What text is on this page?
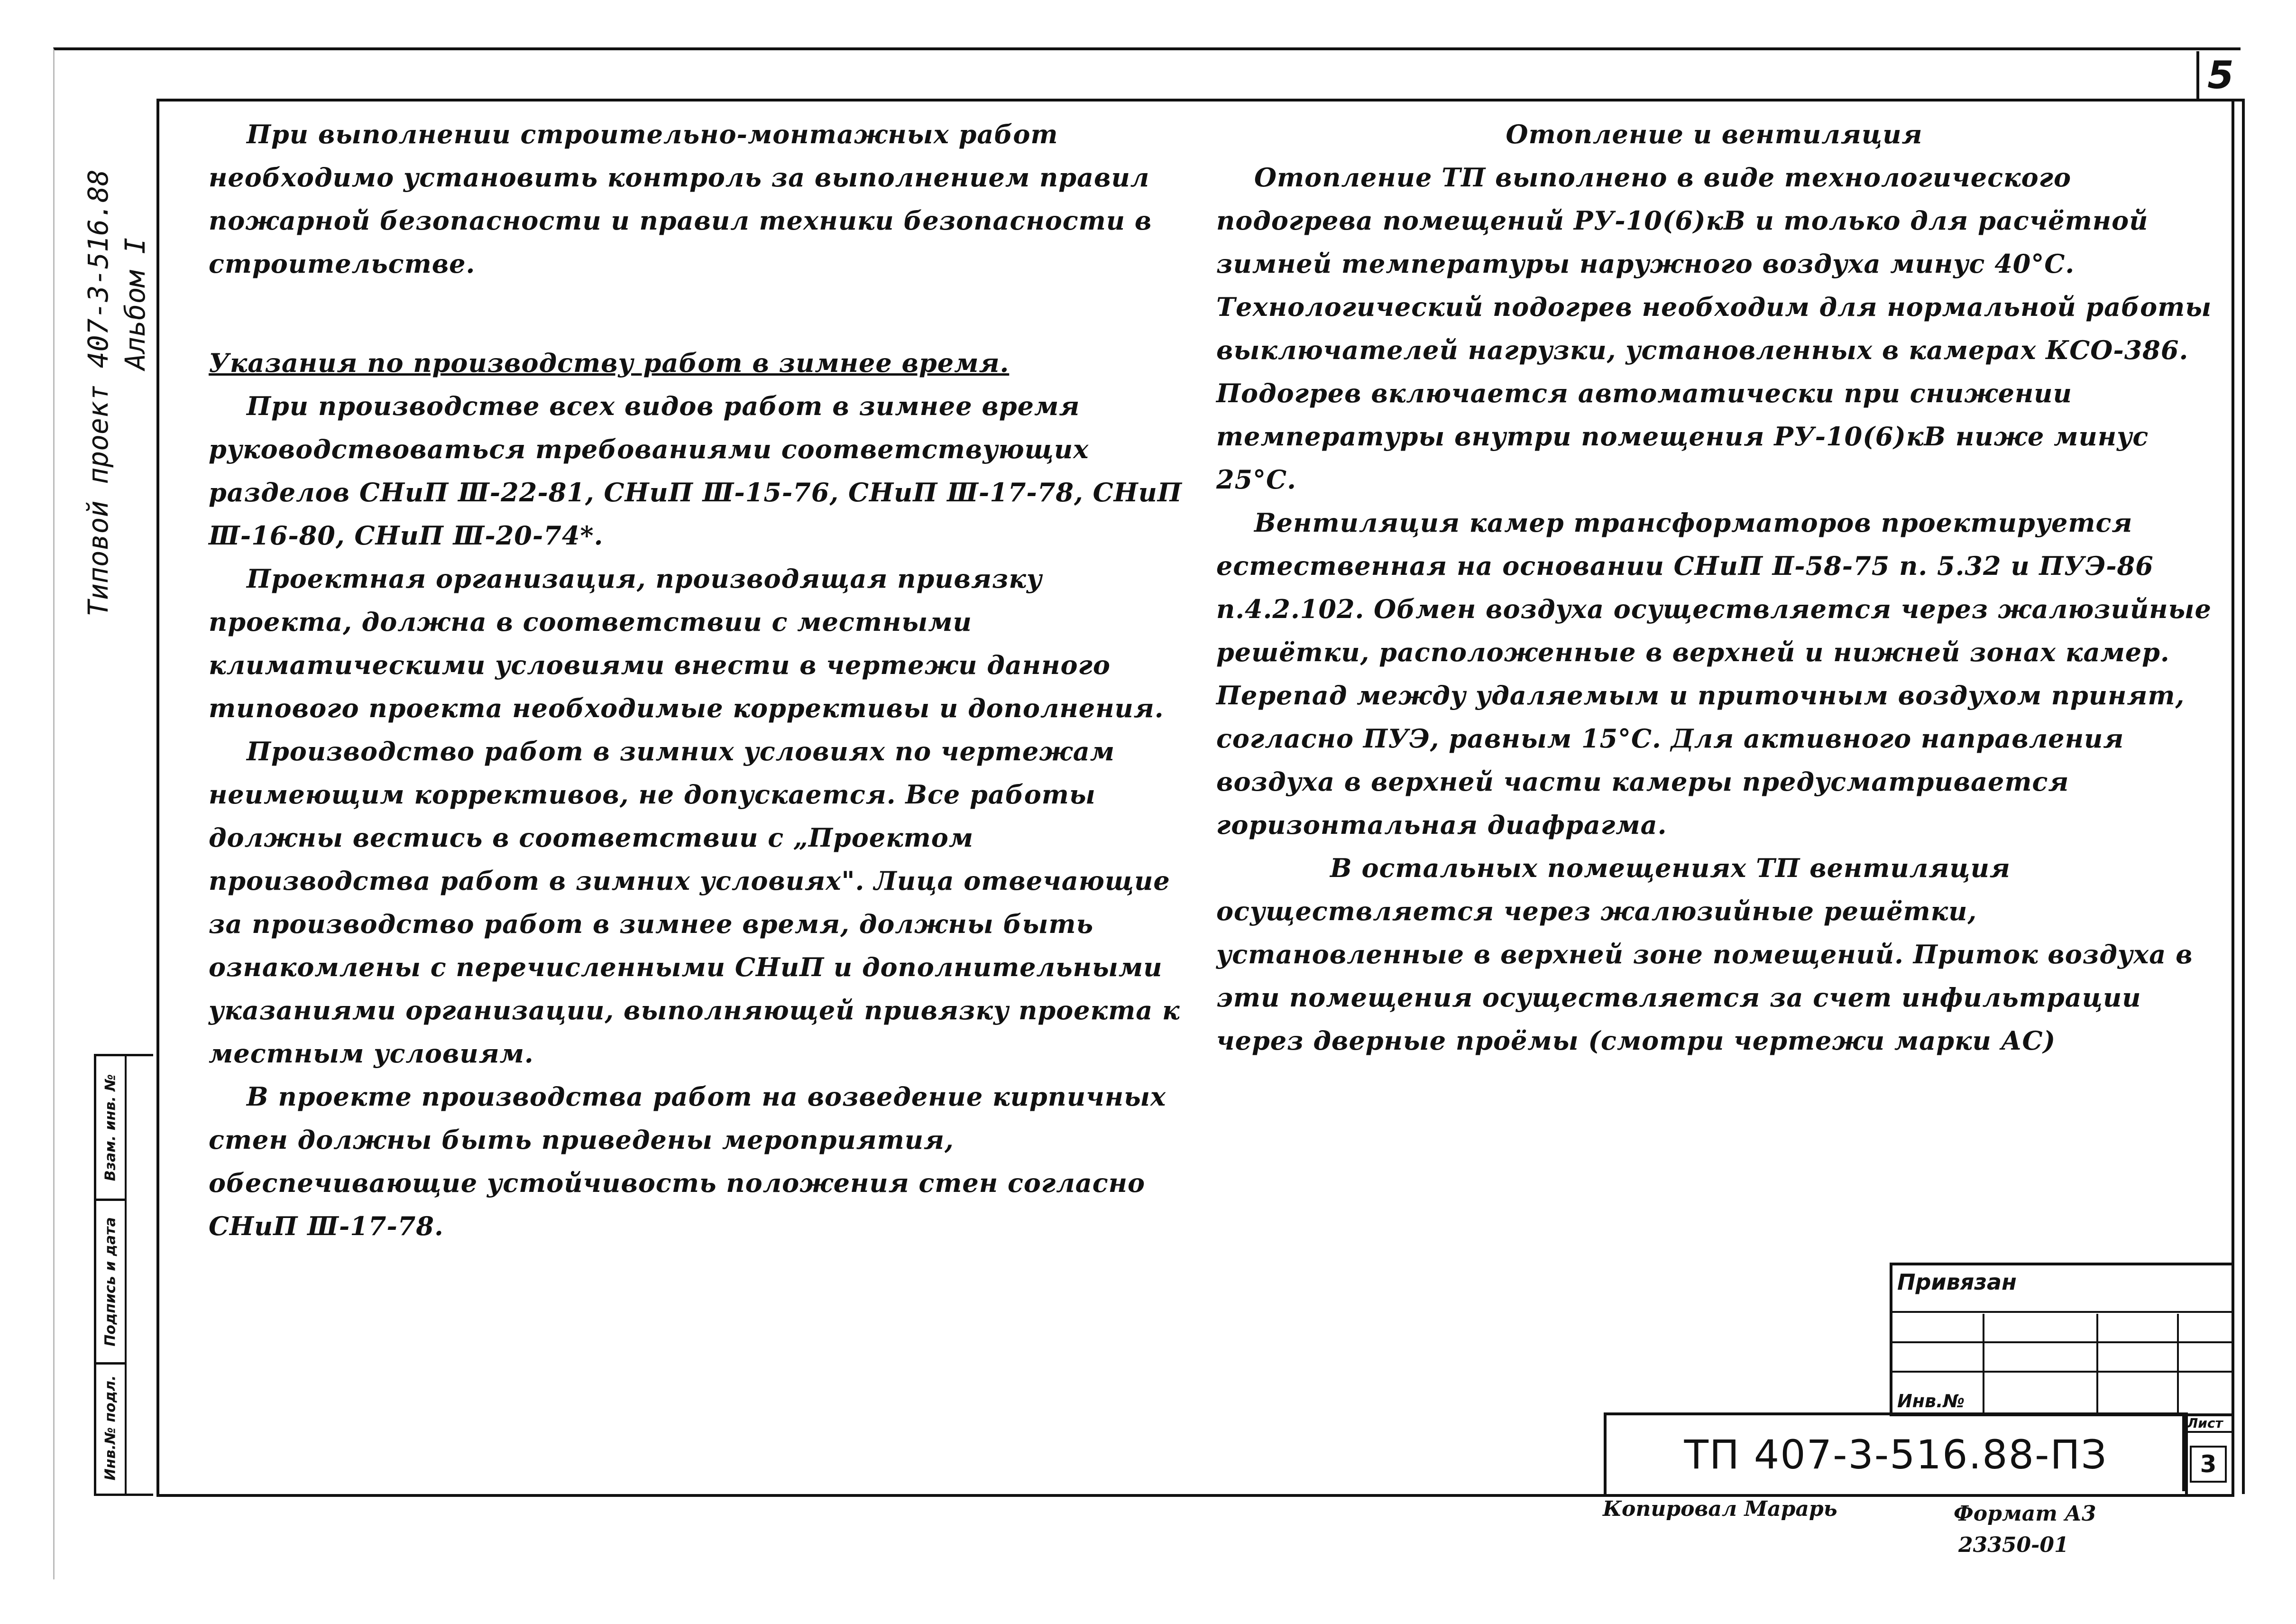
5
Типовой проект 407-3-516.88 Альбом I
Взам. инв. №
Подпись и дата
Инв.№ подл.

При выполнении строительно-монтажных работ необходимо установить контроль за выполнением правил пожарной безопасности и правил техники безопасности в строительстве.

Указания по производству работ в зимнее время.

При производстве всех видов работ в зимнее время руководствоваться требованиями соответствующих разделов СНиП Ⅲ-22-81, СНиП Ⅲ-15-76, СНиП Ⅲ-17-78, СНиП Ⅲ-16-80, СНиП Ⅲ-20-74*.

Проектная организация, производящая привязку проекта, должна в соответствии с местными климатическими условиями внести в чертежи данного типового проекта необходимые коррективы и дополнения.

Производство работ в зимних условиях по чертежам неимеющим коррективов, не допускается. Все работы должны вестись в соответствии с „Проектом производства работ в зимних условиях". Лица отвечающие за производство работ в зимнее время, должны быть ознакомлены с перечисленными СНиП и дополнительными указаниями организации, выполняющей привязку проекта к местным условиям.

В проекте производства работ на возведение кирпичных стен должны быть приведены мероприятия, обеспечивающие устойчивость положения стен согласно СНиП Ⅲ-17-78.

Отопление и вентиляция

Отопление ТП выполнено в виде технологического подогрева помещений РУ-10(6)кВ и только для расчётной зимней температуры наружного воздуха минус 40°С. Технологический подогрев необходим для нормальной работы выключателей нагрузки, установленных в камерах КСО-386. Подогрев включается автоматически при снижении температуры внутри помещения РУ-10(6)кВ ниже минус 25°С.

Вентиляция камер трансформаторов проектируется естественная на основании СНиП Ⅱ-58-75 п. 5.32 и ПУЭ-86 п.4.2.102. Обмен воздуха осуществляется через жалюзийные решётки, расположенные в верхней и нижней зонах камер. Перепад между удаляемым и приточным воздухом принят, согласно ПУЭ, равным 15°С. Для активного направления воздуха в верхней части камеры предусматривается горизонтальная диафрагма.

В остальных помещениях ТП вентиляция осуществляется через жалюзийные решётки, установленные в верхней зоне помещений. Приток воздуха в эти помещения осуществляется за счет инфильтрации через дверные проёмы (смотри чертежи марки АС)

Привязан
Инв.№
ТП 407-3-516.88-ПЗ
Лист
3
Копировал Марарь	Формат А3
23350-01
